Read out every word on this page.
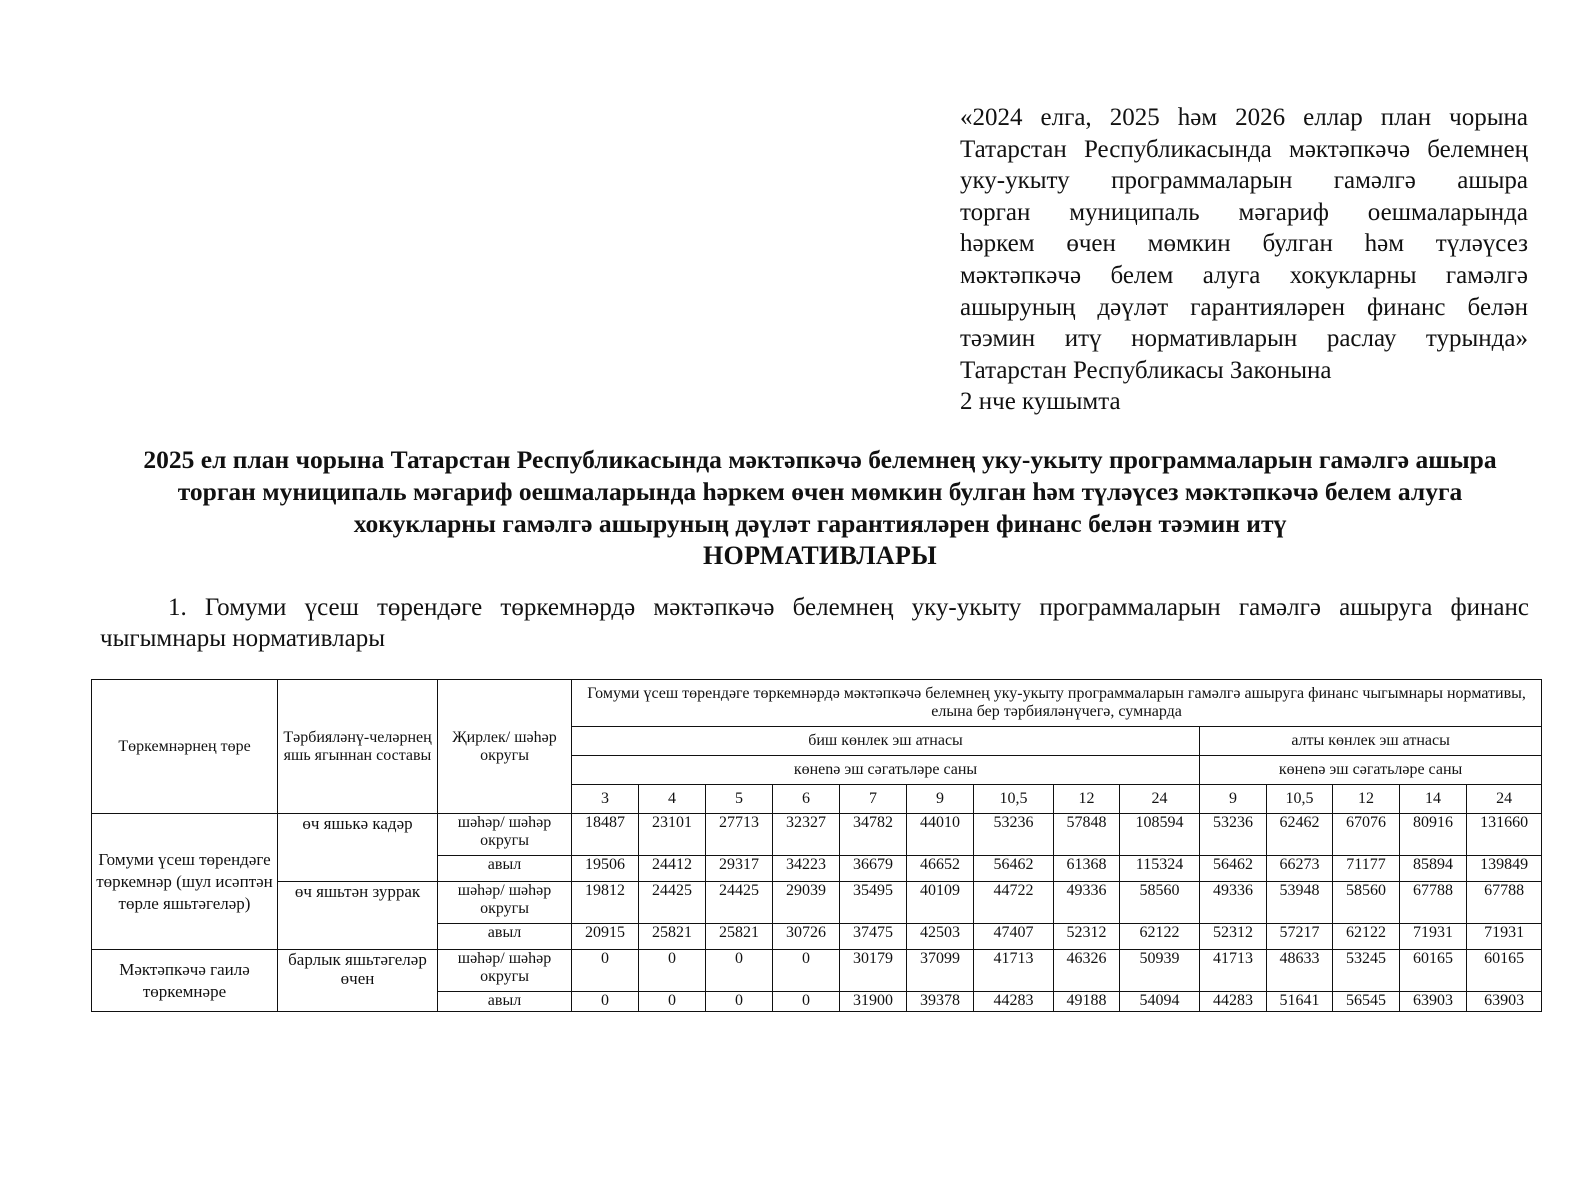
«2024 елга, 2025 һәм 2026 еллар план чорына
Татарстан Республикасында мәктәпкәчә белемнең
уку-укыту программаларын гамәлгә ашыра
торган муниципаль мәгариф оешмаларында
һәркем өчен мөмкин булган һәм түләүсез
мәктәпкәчә белем алуга хокукларны гамәлгә
ашыруның дәүләт гарантияләрен финанс белән
тәэмин итү нормативларын раслау турында»
Татарстан Республикасы Законына
2 нче кушымта
2025 ел план чорына Татарстан Республикасында мәктәпкәчә белемнең уку-укыту программаларын гамәлгә ашыра
торган муниципаль мәгариф оешмаларында һәркем өчен мөмкин булган һәм түләүсез мәктәпкәчә белем алуга
хокукларны гамәлгә ашыруның дәүләт гарантияләрен финанс белән тәэмин итү
НОРМАТИВЛАРЫ
1. Гомуми үсеш төрендәге төркемнәрдә мәктәпкәчә белемнең уку-укыту программаларын гамәлгә ашыруга финанс чыгымнары нормативлары
Төркемнәрнең төре	Тәрбияләнү-челәрнең яшь ягыннан составы	Җирлек/ шәһәр округы	Гомуми үсеш төрендәге төркемнәрдә мәктәпкәчә белемнең уку-укыту программаларын гамәлгә ашыруга финанс чыгымнары нормативы, елына бер тәрбияләнүчегә, сумнарда													
			биш көнлек эш атнасы									алты көнлек эш атнасы				
			көнenә эш сәгатьләре саны									көнenә эш сәгатьләре саны				
			3	4	5	6	7	9	10,5	12	24	9	10,5	12	14	24
Гомуми үсеш төрендәге төркемнәр (шул исәптән төрле яшьтәгеләр)	өч яшькә кадәр	шәһәр/ шәһәр округы	18487	23101	27713	32327	34782	44010	53236	57848	108594	53236	62462	67076	80916	131660
		авыл	19506	24412	29317	34223	36679	46652	56462	61368	115324	56462	66273	71177	85894	139849
	өч яшьтән зуррак	шәһәр/ шәһәр округы	19812	24425	24425	29039	35495	40109	44722	49336	58560	49336	53948	58560	67788	67788
		авыл	20915	25821	25821	30726	37475	42503	47407	52312	62122	52312	57217	62122	71931	71931
Мәктәпкәчә гаилә төркемнәре	барлык яшьтәгеләр өчен	шәһәр/ шәһәр округы	0	0	0	0	30179	37099	41713	46326	50939	41713	48633	53245	60165	60165
		авыл	0	0	0	0	31900	39378	44283	49188	54094	44283	51641	56545	63903	63903
